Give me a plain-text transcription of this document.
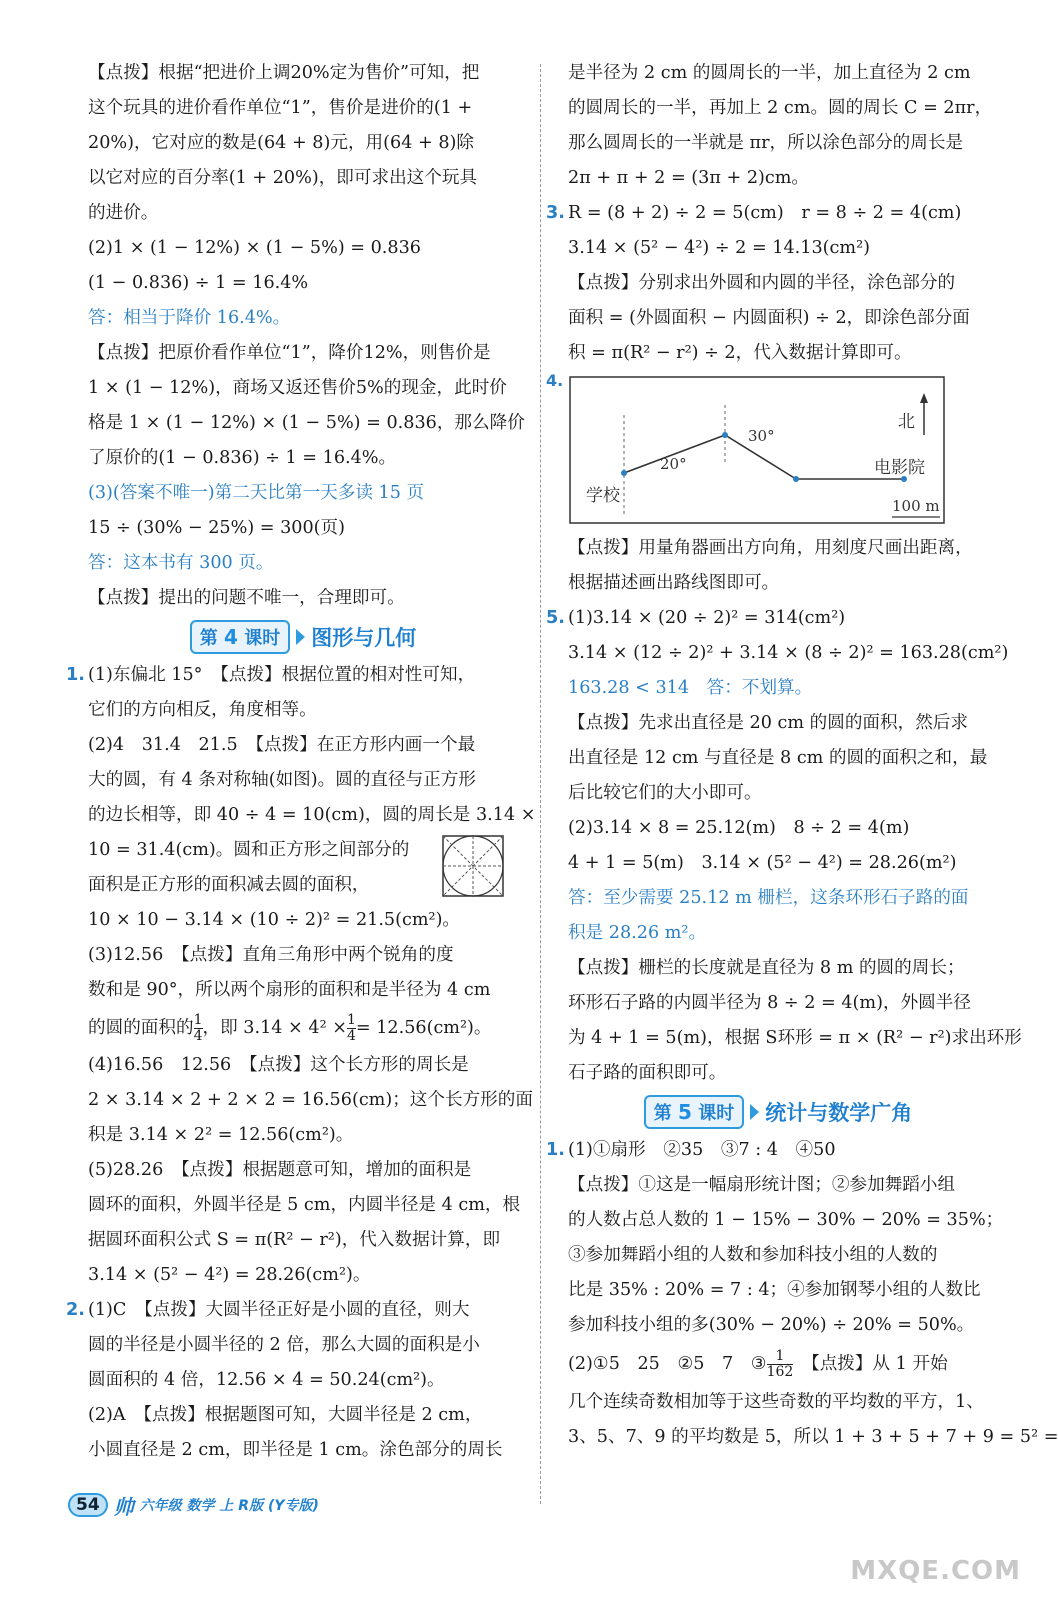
【点拨】根据“把进价上调20%定为售价”可知，把
这个玩具的进价看作单位“1”，售价是进价的(1 +
20%)，它对应的数是(64 + 8)元，用(64 + 8)除
以它对应的百分率(1 + 20%)，即可求出这个玩具
的进价。
(2)1 × (1 − 12%) × (1 − 5%) = 0.836
(1 − 0.836) ÷ 1 = 16.4%
答：相当于降价 16.4%。
【点拨】把原价看作单位“1”，降价12%，则售价是
1 × (1 − 12%)，商场又返还售价5%的现金，此时价
格是 1 × (1 − 12%) × (1 − 5%) = 0.836，那么降价
了原价的(1 − 0.836) ÷ 1 = 16.4%。
(3)(答案不唯一)第二天比第一天多读 15 页
15 ÷ (30% − 25%) = 300(页)
答：这本书有 300 页。
【点拨】提出的问题不唯一，合理即可。
第 4 课时	图形与几何
1. (1)东偏北 15°　【点拨】根据位置的相对性可知，
它们的方向相反，角度相等。
(2)4　31.4　21.5　【点拨】在正方形内画一个最
大的圆，有 4 条对称轴(如图)。圆的直径与正方形
的边长相等，即 40 ÷ 4 = 10(cm)，圆的周长是 3.14 ×
10 = 31.4(cm)。圆和正方形之间部分的
面积是正方形的面积减去圆的面积，
10 × 10 − 3.14 × (10 ÷ 2)² = 21.5(cm²)。
(3)12.56　【点拨】直角三角形中两个锐角的度
数和是 90°，所以两个扇形的面积和是半径为 4 cm
的圆的面积的 $\frac{1}{4}$ ，即 $3.14 \times 4^2 \times \frac{1}{4} = 12.56(cm^2)$。
(4)16.56　12.56　【点拨】这个长方形的周长是
2 × 3.14 × 2 + 2 × 2 = 16.56(cm)；这个长方形的面
积是 3.14 × 2² = 12.56(cm²)。
(5)28.26　【点拨】根据题意可知，增加的面积是
圆环的面积，外圆半径是 5 cm，内圆半径是 4 cm，根
据圆环面积公式 S = π(R² − r²)，代入数据计算，即
3.14 × (5² − 4²) = 28.26(cm²)。
2. (1)C　【点拨】大圆半径正好是小圆的直径，则大
圆的半径是小圆半径的 2 倍，那么大圆的面积是小
圆面积的 4 倍，12.56 × 4 = 50.24(cm²)。
(2)A　【点拨】根据题图可知，大圆半径是 2 cm，
小圆直径是 2 cm，即半径是 1 cm。涂色部分的周长
是半径为 2 cm 的圆周长的一半，加上直径为 2 cm
的圆周长的一半，再加上 2 cm。圆的周长 C = 2πr，
那么圆周长的一半就是 πr，所以涂色部分的周长是
2π + π + 2 = (3π + 2)cm。
3. R = (8 + 2) ÷ 2 = 5(cm)　r = 8 ÷ 2 = 4(cm)
3.14 × (5² − 4²) ÷ 2 = 14.13(cm²)
【点拨】分别求出外圆和内圆的半径，涂色部分的
面积 = (外圆面积 − 内圆面积) ÷ 2，即涂色部分面
积 = π(R² − r²) ÷ 2，代入数据计算即可。
4.
北
电影院
学校
20°
30°
100 m
【点拨】用量角器画出方向角，用刻度尺画出距离，
根据描述画出路线图即可。
5. (1)3.14 × (20 ÷ 2)² = 314(cm²)
3.14 × (12 ÷ 2)² + 3.14 × (8 ÷ 2)² = 163.28(cm²)
163.28 < 314　答：不划算。
【点拨】先求出直径是 20 cm 的圆的面积，然后求
出直径是 12 cm 与直径是 8 cm 的圆的面积之和，最
后比较它们的大小即可。
(2)3.14 × 8 = 25.12(m)　8 ÷ 2 = 4(m)
4 + 1 = 5(m)　3.14 × (5² − 4²) = 28.26(m²)
答：至少需要 25.12 m 栅栏，这条环形石子路的面
积是 28.26 m²。
【点拨】栅栏的长度就是直径为 8 m 的圆的周长；
环形石子路的内圆半径为 8 ÷ 2 = 4(m)，外圆半径
为 4 + 1 = 5(m)，根据 S环形 = π × (R² − r²)求出环形
石子路的面积即可。
第 5 课时	统计与数学广角
1. (1)①扇形　②35　③7 : 4　④50
【点拨】①这是一幅扇形统计图；②参加舞蹈小组
的人数占总人数的 1 − 15% − 30% − 20% = 35%；
③参加舞蹈小组的人数和参加科技小组的人数的
比是 35% : 20% = 7 : 4；④参加钢琴小组的人数比
参加科技小组的多(30% − 20%) ÷ 20% = 50%。
(2)①5　25　②5　7　③ $\frac{1}{162}$ 　【点拨】从 1 开始
几个连续奇数相加等于这些奇数的平均数的平方，1、
3、5、7、9 的平均数是 5，所以 1 + 3 + 5 + 7 + 9 = 5² =
54 帅 六年级 数学 上 R版 (Y专版)
MXQE.COM
